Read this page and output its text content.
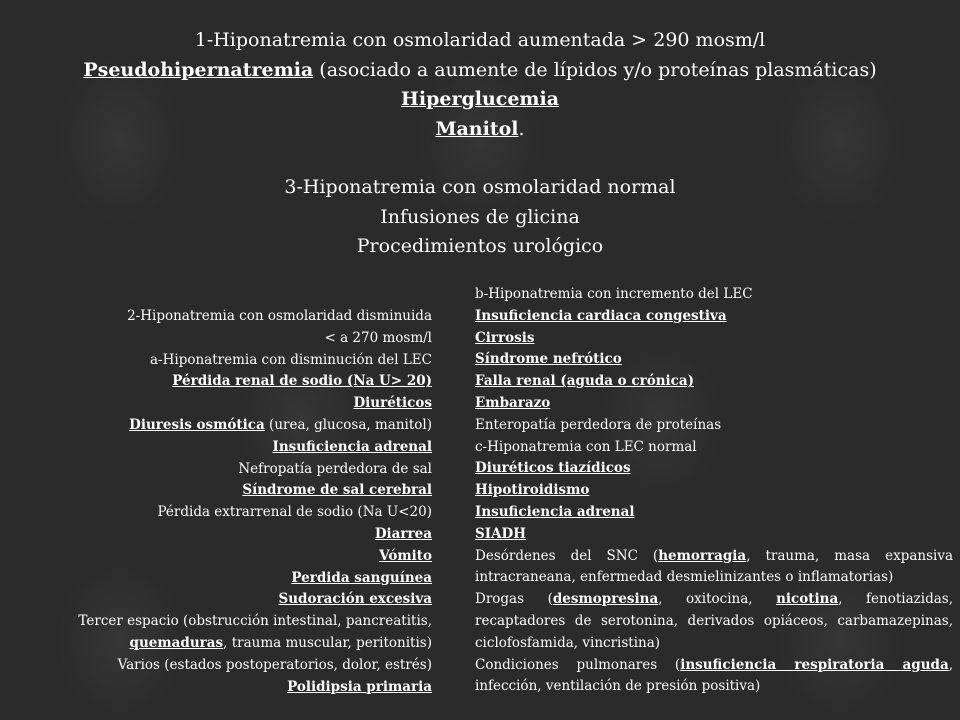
1-Hiponatremia con osmolaridad aumentada > 290 mosm/l
Pseudohipernatremia (asociado a aumente de lípidos y/o proteínas plasmáticas)
Hiperglucemia
Manitol.
3-Hiponatremia con osmolaridad normal
Infusiones de glicina
Procedimientos urológico
2-Hiponatremia con osmolaridad disminuida
< a 270 mosm/l
a-Hiponatremia con disminución del LEC
Pérdida renal de sodio (Na U> 20)
Diuréticos
Diuresis osmótica (urea, glucosa, manitol)
Insuficiencia adrenal
Nefropatía perdedora de sal
Síndrome de sal cerebral
Pérdida extrarrenal de sodio (Na U<20)
Diarrea
Vómito
Perdida sanguínea
Sudoración excesiva
Tercer espacio (obstrucción intestinal, pancreatitis,
quemaduras, trauma muscular, peritonitis)
Varios (estados postoperatorios, dolor, estrés)
Polidipsia primaria
b-Hiponatremia con incremento del LEC
Insuficiencia cardiaca congestiva
Cirrosis
Síndrome nefrótico
Falla renal (aguda o crónica)
Embarazo
Enteropatía perdedora de proteínas
c-Hiponatremia con LEC normal
Diuréticos tiazídicos
Hipotiroidismo
Insuficiencia adrenal
SIADH
Desórdenes del SNC (hemorragia, trauma, masa expansiva intracraneana, enfermedad desmielinizantes o inflamatorias)
Drogas (desmopresina, oxitocina, nicotina, fenotiazidas, recaptadores de serotonina, derivados opiáceos, carbamazepinas, ciclofosfamida, vincristina)
Condiciones pulmonares (insuficiencia respiratoria aguda, infección, ventilación de presión positiva)
